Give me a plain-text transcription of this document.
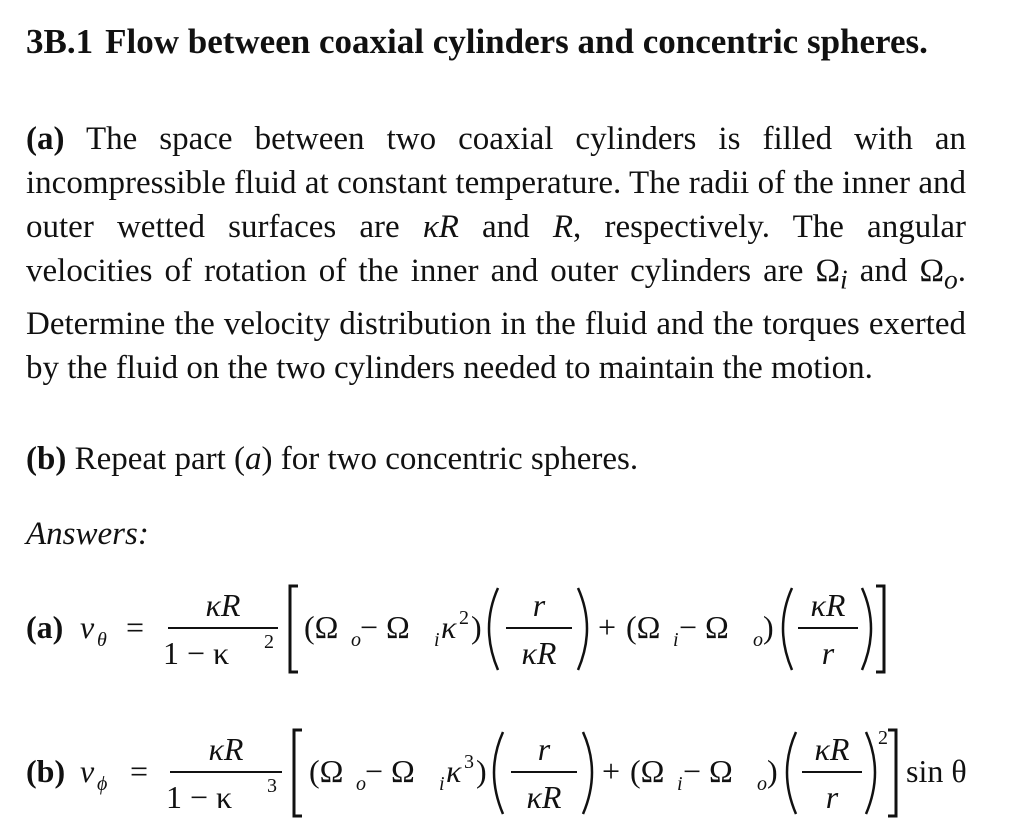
3B.1 Flow between coaxial cylinders and concentric spheres.

(a) The space between two coaxial cylinders is filled with an incompressible fluid at constant temperature. The radii of the inner and outer wetted surfaces are κR and R, respectively. The angular velocities of rotation of the inner and outer cylinders are $\Omega_i$ and $\Omega_o$. Determine the velocity distribution in the fluid and the torques exerted by the fluid on the two cylinders needed to maintain the motion.

(b) Repeat part (a) for two concentric spheres.

Answers:

(a) v θ =
κR
1 − κ 2 (Ω o − Ω i κ 2 )
r
κR
+ (Ω i − Ω o )
κR
r
(b) v ϕ =
κR
1 − κ 3 (Ω o − Ω i κ 3 )
r
κR
+ (Ω i − Ω o )
κR
r
2
sin θ
